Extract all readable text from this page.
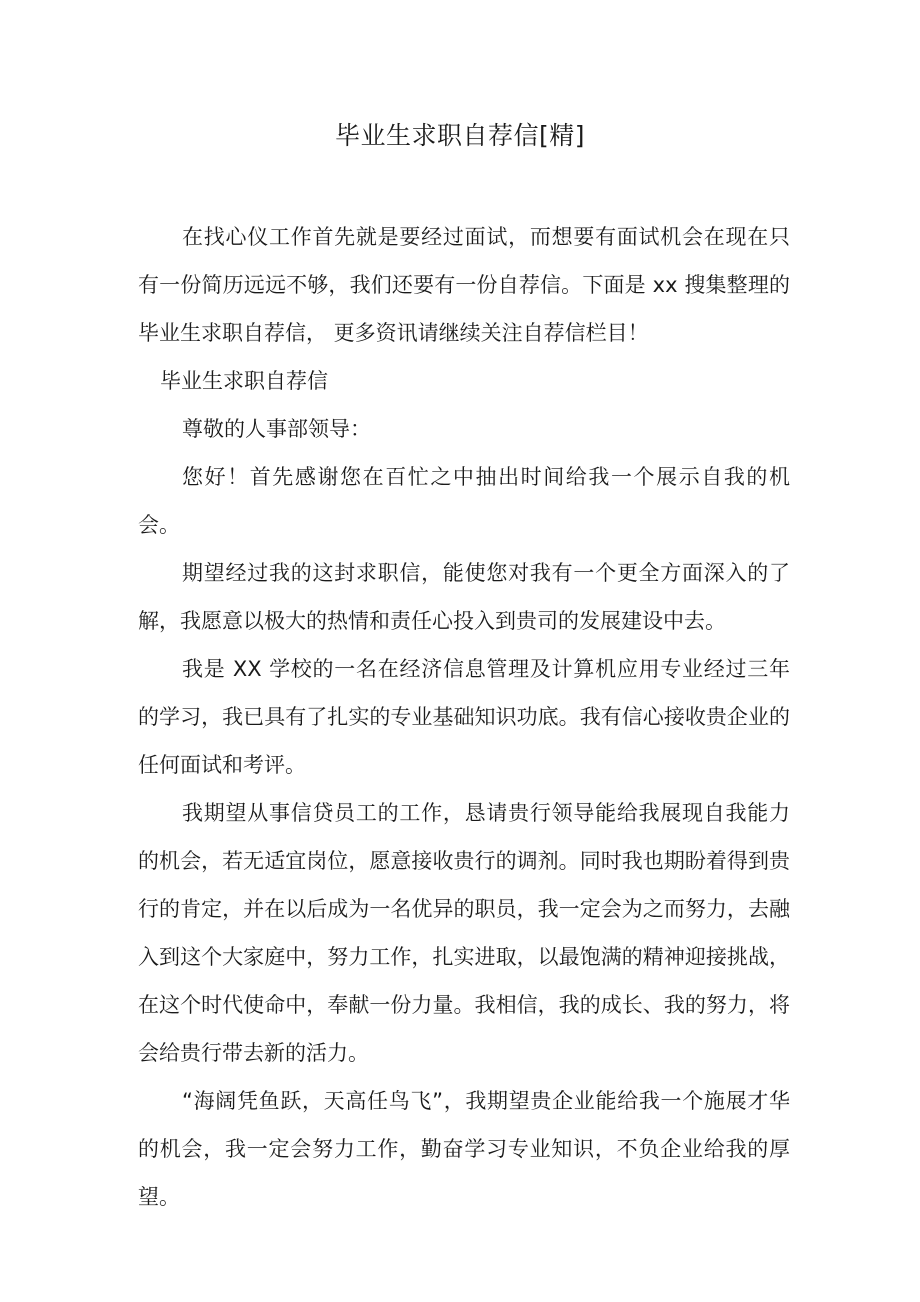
毕业生求职自荐信[精]

在找心仪工作首先就是要经过面试，而想要有面试机会在现在只有一份简历远远不够，我们还要有一份自荐信。下面是 xx 搜集整理的毕业生求职自荐信， 更多资讯请继续关注自荐信栏目！

毕业生求职自荐信

尊敬的人事部领导：

您好！首先感谢您在百忙之中抽出时间给我一个展示自我的机会。

期望经过我的这封求职信，能使您对我有一个更全方面深入的了解，我愿意以极大的热情和责任心投入到贵司的发展建设中去。

我是 XX 学校的一名在经济信息管理及计算机应用专业经过三年的学习，我已具有了扎实的专业基础知识功底。我有信心接收贵企业的任何面试和考评。

我期望从事信贷员工的工作，恳请贵行领导能给我展现自我能力的机会，若无适宜岗位，愿意接收贵行的调剂。同时我也期盼着得到贵行的肯定，并在以后成为一名优异的职员，我一定会为之而努力，去融入到这个大家庭中，努力工作，扎实进取，以最饱满的精神迎接挑战，在这个时代使命中，奉献一份力量。我相信，我的成长、我的努力，将会给贵行带去新的活力。

“海阔凭鱼跃，天高任鸟飞”，我期望贵企业能给我一个施展才华的机会，我一定会努力工作，勤奋学习专业知识，不负企业给我的厚望。
